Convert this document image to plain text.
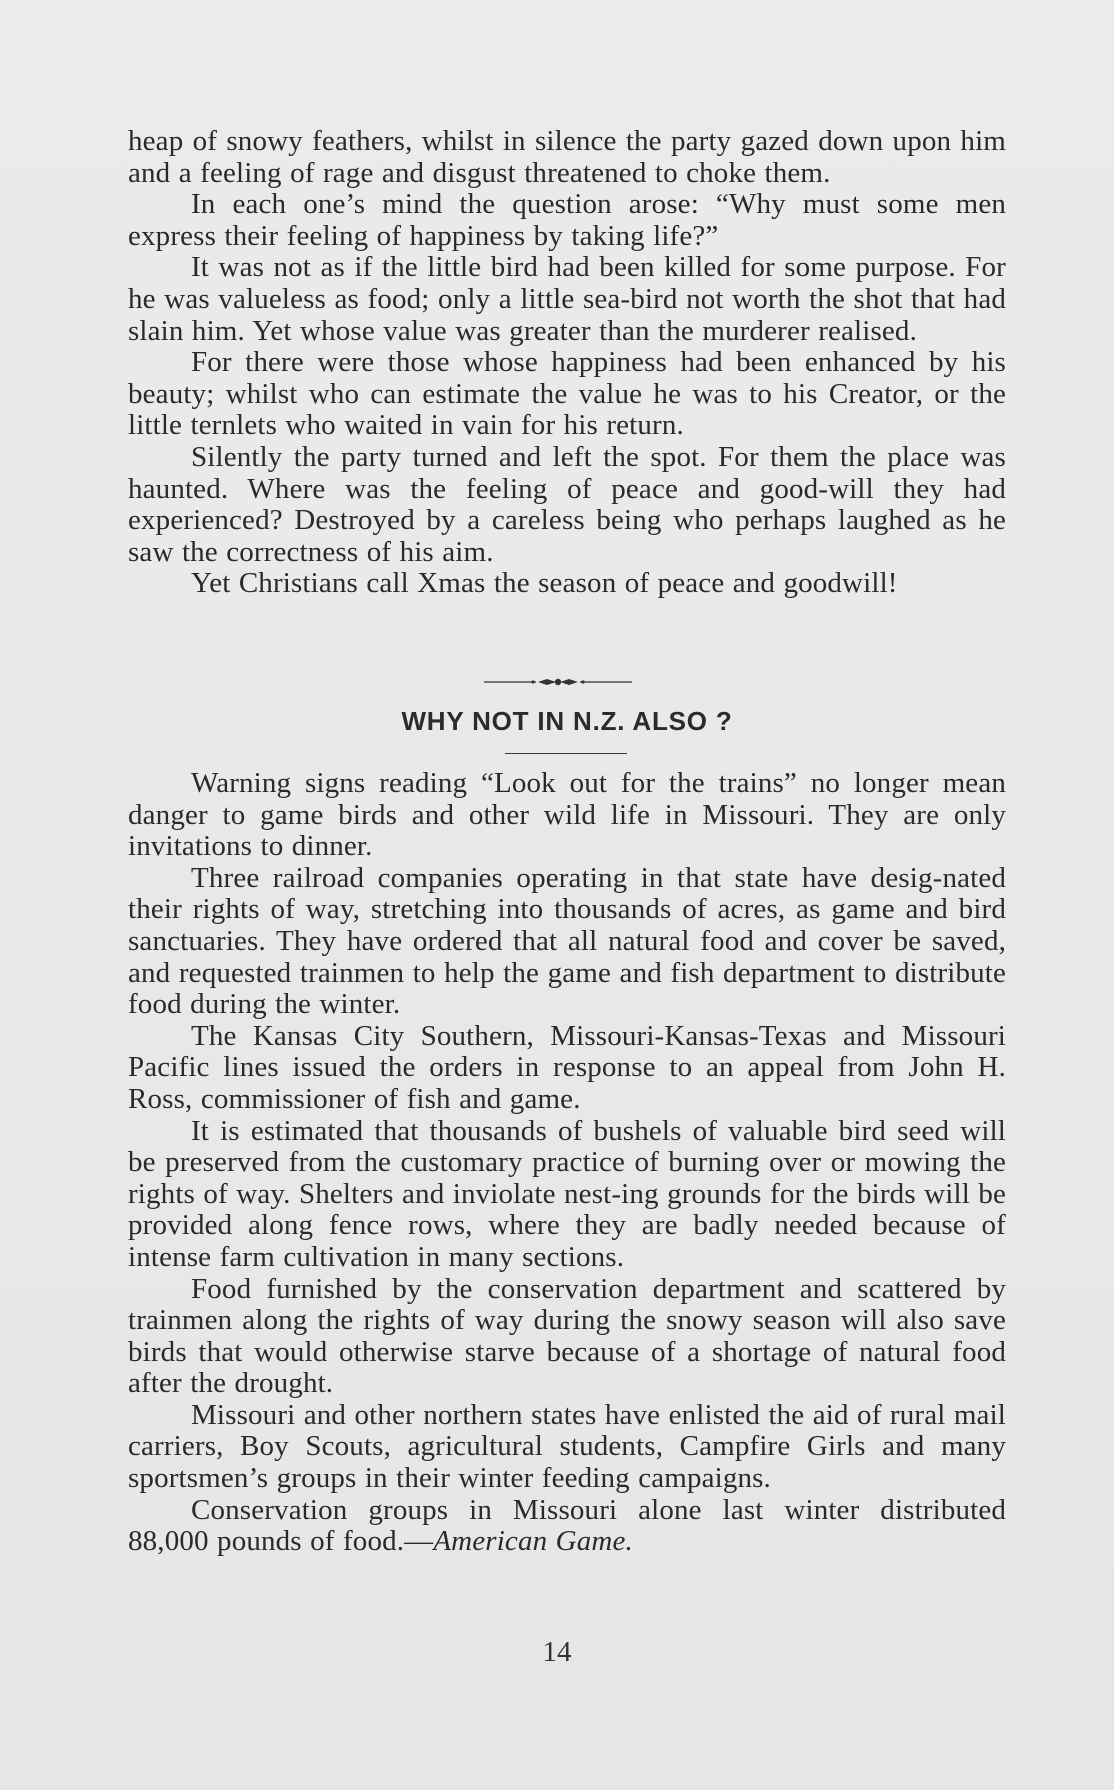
heap of snowy feathers, whilst in silence the party gazed down upon him and a feeling of rage and disgust threatened to choke them.

In each one’s mind the question arose: “Why must some men express their feeling of happiness by taking life?”

It was not as if the little bird had been killed for some purpose. For he was valueless as food; only a little sea-bird not worth the shot that had slain him. Yet whose value was greater than the murderer realised.

For there were those whose happiness had been enhanced by his beauty; whilst who can estimate the value he was to his Creator, or the little ternlets who waited in vain for his return.

Silently the party turned and left the spot. For them the place was haunted. Where was the feeling of peace and good-will they had experienced? Destroyed by a careless being who perhaps laughed as he saw the correctness of his aim.

Yet Christians call Xmas the season of peace and goodwill!

WHY NOT IN N.Z. ALSO ?

Warning signs reading “Look out for the trains” no longer mean danger to game birds and other wild life in Missouri. They are only invitations to dinner.

Three railroad companies operating in that state have desig-nated their rights of way, stretching into thousands of acres, as game and bird sanctuaries. They have ordered that all natural food and cover be saved, and requested trainmen to help the game and fish department to distribute food during the winter.

The Kansas City Southern, Missouri-Kansas-Texas and Missouri Pacific lines issued the orders in response to an appeal from John H. Ross, commissioner of fish and game.

It is estimated that thousands of bushels of valuable bird seed will be preserved from the customary practice of burning over or mowing the rights of way. Shelters and inviolate nest-ing grounds for the birds will be provided along fence rows, where they are badly needed because of intense farm cultivation in many sections.

Food furnished by the conservation department and scattered by trainmen along the rights of way during the snowy season will also save birds that would otherwise starve because of a shortage of natural food after the drought.

Missouri and other northern states have enlisted the aid of rural mail carriers, Boy Scouts, agricultural students, Campfire Girls and many sportsmen’s groups in their winter feeding campaigns.

Conservation groups in Missouri alone last winter distributed 88,000 pounds of food.—American Game.

14
